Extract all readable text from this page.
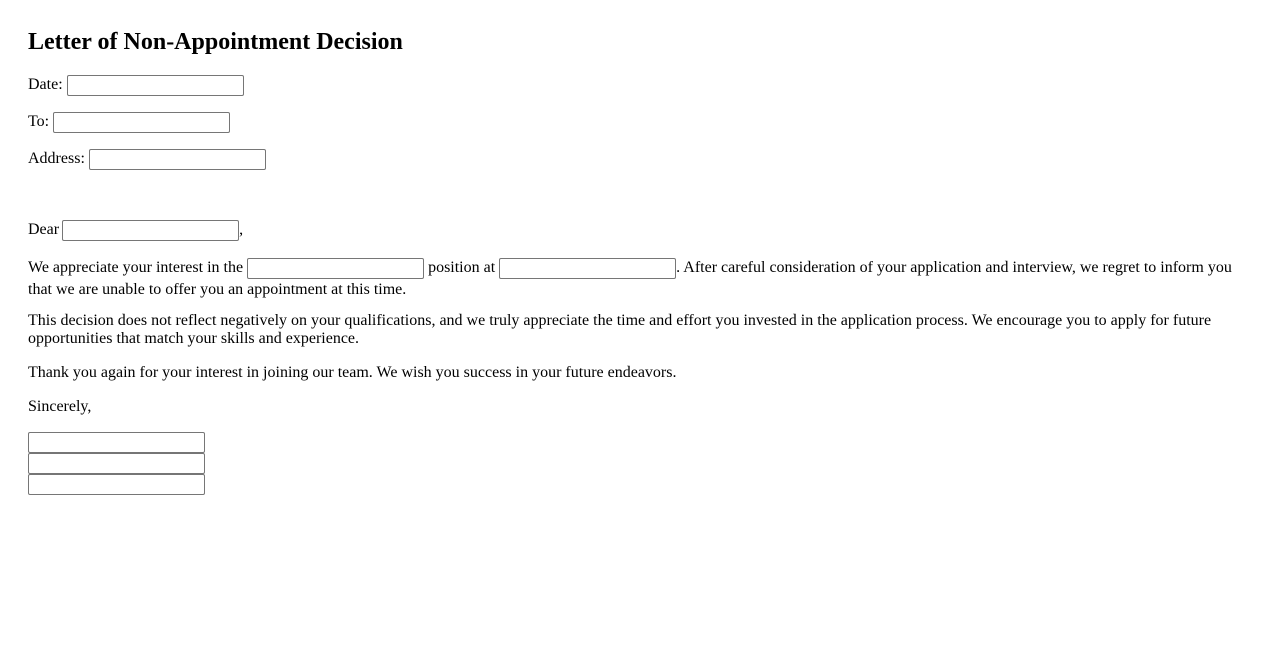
Letter of Non-Appointment Decision
Date:
To:
Address:
Dear	,

We appreciate your interest in the	position at	. After careful consideration of your application and interview, we regret to inform you that we are unable to offer you an appointment at this time.

This decision does not reflect negatively on your qualifications, and we truly appreciate the time and effort you invested in the application process. We encourage you to apply for future opportunities that match your skills and experience.

Thank you again for your interest in joining our team. We wish you success in your future endeavors.

Sincerely,
